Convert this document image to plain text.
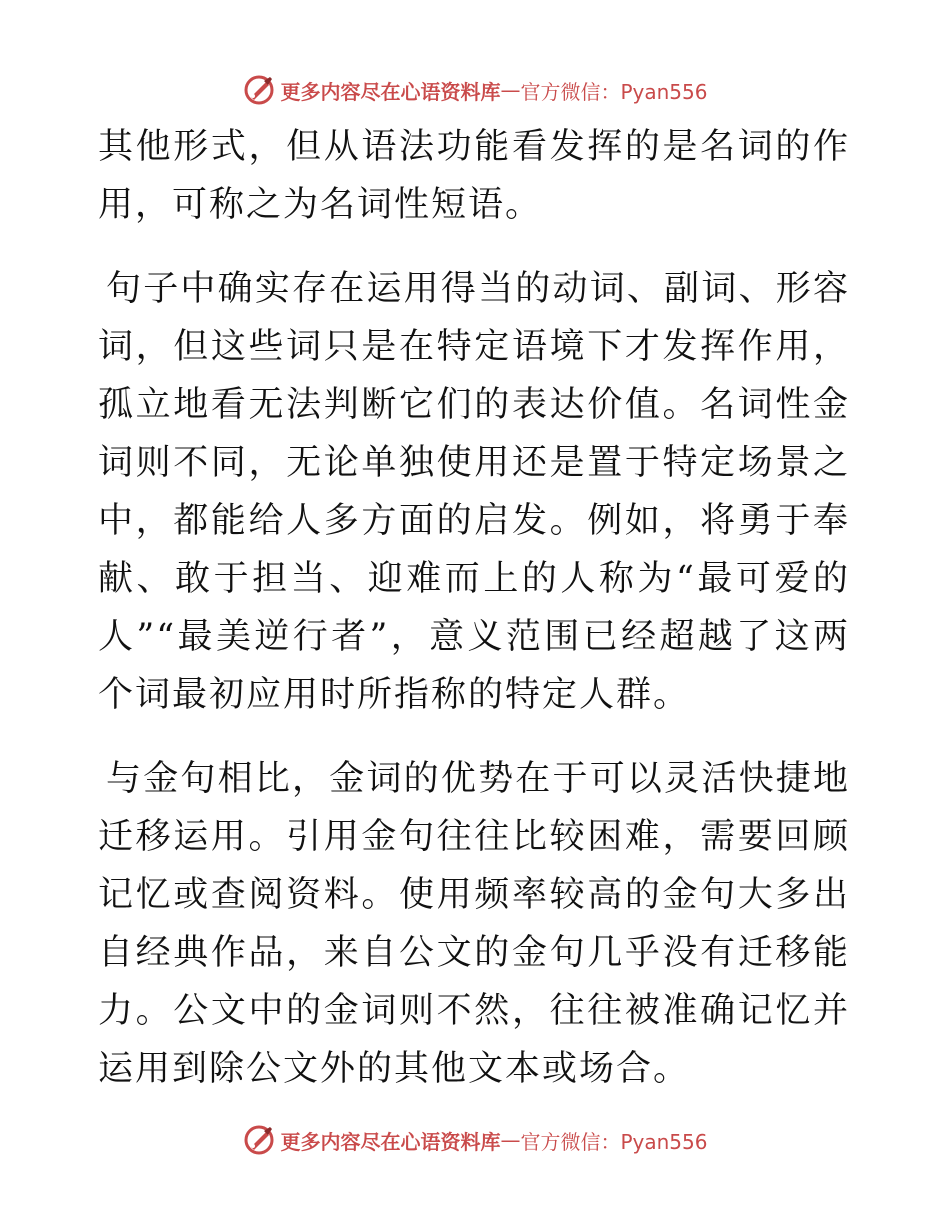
更多内容尽在心语资料库 — 官方微信：Pyan556

其他形式，但从语法功能看发挥的是名词的作用，可称之为名词性短语。

句子中确实存在运用得当的动词、副词、形容词，但这些词只是在特定语境下才发挥作用，孤立地看无法判断它们的表达价值。名词性金词则不同，无论单独使用还是置于特定场景之中，都能给人多方面的启发。例如，将勇于奉献、敢于担当、迎难而上的人称为“最可爱的人”“最美逆行者”，意义范围已经超越了这两个词最初应用时所指称的特定人群。

与金句相比，金词的优势在于可以灵活快捷地迁移运用。引用金句往往比较困难，需要回顾记忆或查阅资料。使用频率较高的金句大多出自经典作品，来自公文的金句几乎没有迁移能力。公文中的金词则不然，往往被准确记忆并运用到除公文外的其他文本或场合。

更多内容尽在心语资料库 — 官方微信：Pyan556
